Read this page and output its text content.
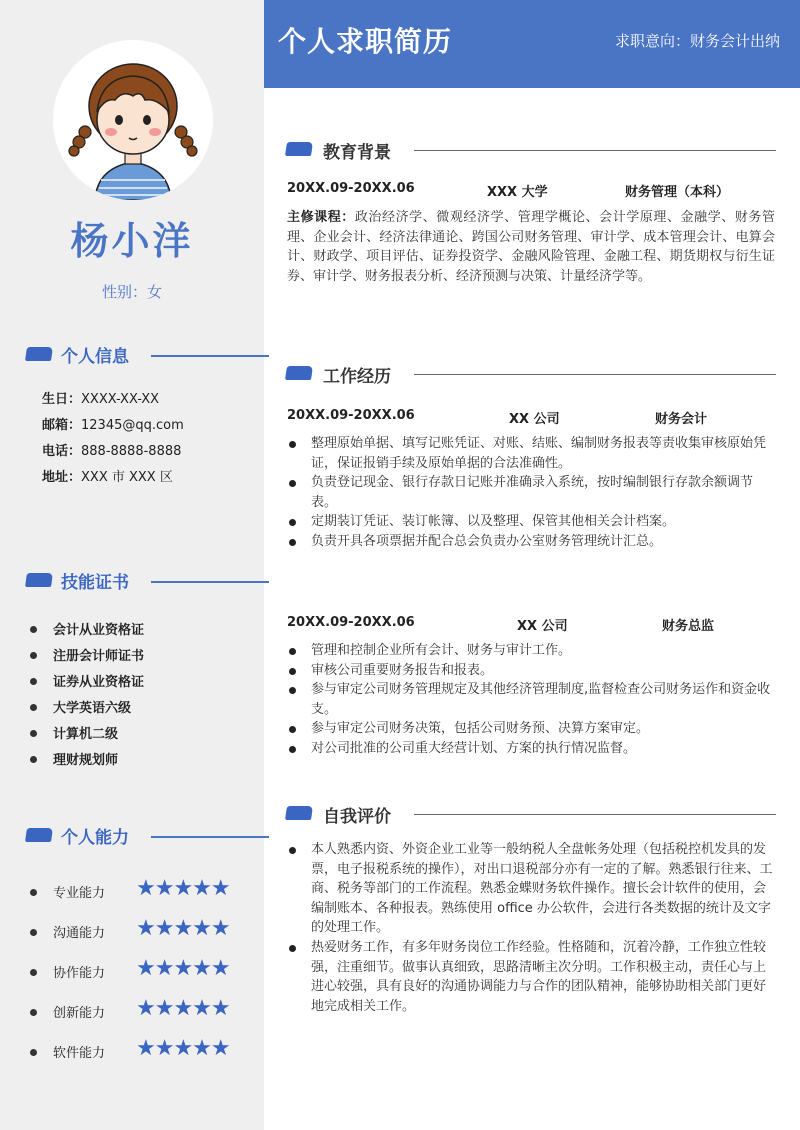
杨小洋
性别：女
个人信息
生日：XXXX-XX-XX
邮箱：12345@qq.com
电话：888-8888-8888
地址：XXX 市 XXX 区
技能证书
会计从业资格证
注册会计师证书
证券从业资格证
大学英语六级
计算机二级
理财规划师
个人能力
专业能力 ★★★★★
沟通能力 ★★★★★
协作能力 ★★★★★
创新能力 ★★★★★
软件能力 ★★★★★
个人求职简历	求职意向：财务会计出纳
教育背景
20XX.09-20XX.06	XXX 大学	财务管理（本科）
主修课程：政治经济学、微观经济学、管理学概论、会计学原理、金融学、财务管理、企业会计、经济法律通论、跨国公司财务管理、审计学、成本管理会计、电算会计、财政学、项目评估、证券投资学、金融风险管理、金融工程、期货期权与衍生证券、审计学、财务报表分析、经济预测与决策、计量经济学等。
工作经历
20XX.09-20XX.06	XX 公司	财务会计
整理原始单据、填写记账凭证、对账、结账、编制财务报表等责收集审核原始凭证，保证报销手续及原始单据的合法准确性。
负责登记现金、银行存款日记账并准确录入系统，按时编制银行存款余额调节表。
定期装订凭证、装订帐簿、以及整理、保管其他相关会计档案。
负责开具各项票据并配合总会负责办公室财务管理统计汇总。
20XX.09-20XX.06	XX 公司	财务总监
管理和控制企业所有会计、财务与审计工作。
审核公司重要财务报告和报表。
参与审定公司财务管理规定及其他经济管理制度,监督检查公司财务运作和资金收支。
参与审定公司财务决策，包括公司财务预、决算方案审定。
对公司批准的公司重大经营计划、方案的执行情况监督。
自我评价
本人熟悉内资、外资企业工业等一般纳税人全盘帐务处理（包括税控机发具的发票，电子报税系统的操作），对出口退税部分亦有一定的了解。熟悉银行往来、工商、税务等部门的工作流程。熟悉金蝶财务软件操作。擅长会计软件的使用，会编制账本、各种报表。熟练使用 office 办公软件，会进行各类数据的统计及文字的处理工作。
热爱财务工作，有多年财务岗位工作经验。性格随和，沉着冷静，工作独立性较强，注重细节。做事认真细致，思路清晰主次分明。工作积极主动，责任心与上进心较强，具有良好的沟通协调能力与合作的团队精神，能够协助相关部门更好地完成相关工作。
